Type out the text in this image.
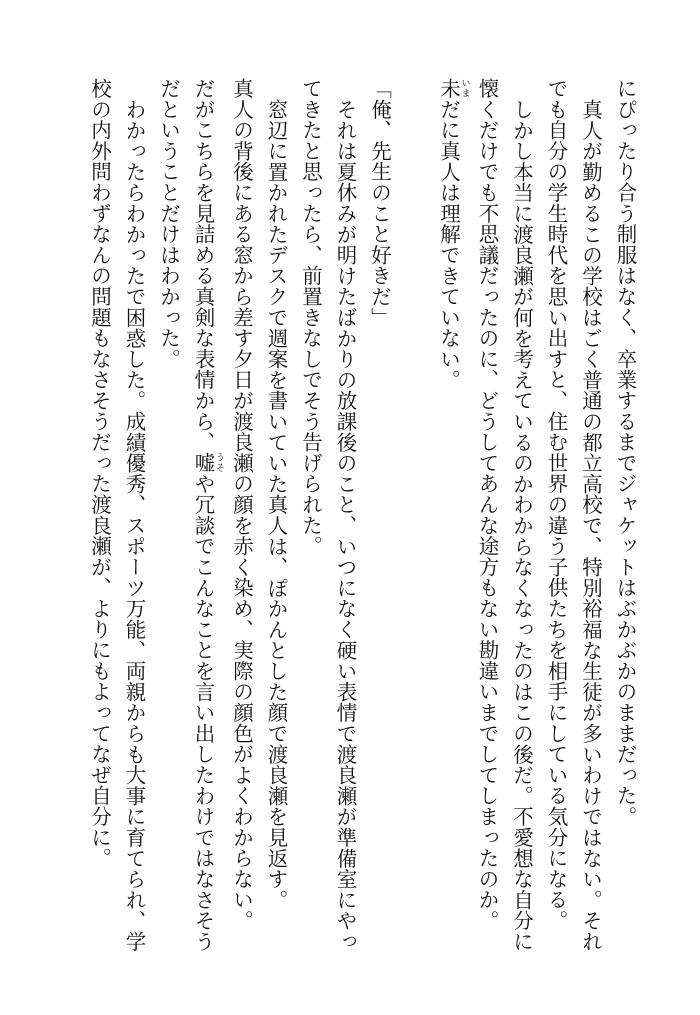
にぴったり合う制服はなく、卒業するまでジャケットはぶかぶかのままだった。
真人が勤めるこの学校はごく普通の都立高校で、特別裕福な生徒が多いわけではない。それ
でも自分の学生時代を思い出すと、住む世界の違う子供たちを相手にしている気分になる。
しかし本当に渡良瀬が何を考えているのかわからなくなったのはこの後だ。不愛想な自分に
懐くだけでも不思議だったのに、どうしてあんな途方もない勘違いまでしてしまったのか。
未 いまだに真人は理解できていない。
「俺、先生のこと好きだ」
それは夏休みが明けたばかりの放課後のこと、いつになく硬い表情で渡良瀬が準備室にやっ
てきたと思ったら、前置きなしでそう告げられた。
窓辺に置かれたデスクで週案を書いていた真人は、ぽかんとした顔で渡良瀬を見返す。
真人の背後にある窓から差す夕日が渡良瀬の顔を赤く染め、実際の顔色がよくわからない。
だがこちらを見詰める真剣な表情から、嘘 うそや冗談でこんなことを言い出したわけではなさそう
だということだけはわかった。
わかったらわかったで困惑した。成績優秀、スポーツ万能、両親からも大事に育てられ、学
校の内外問わずなんの問題もなさそうだった渡良瀬が、よりにもよってなぜ自分に。
